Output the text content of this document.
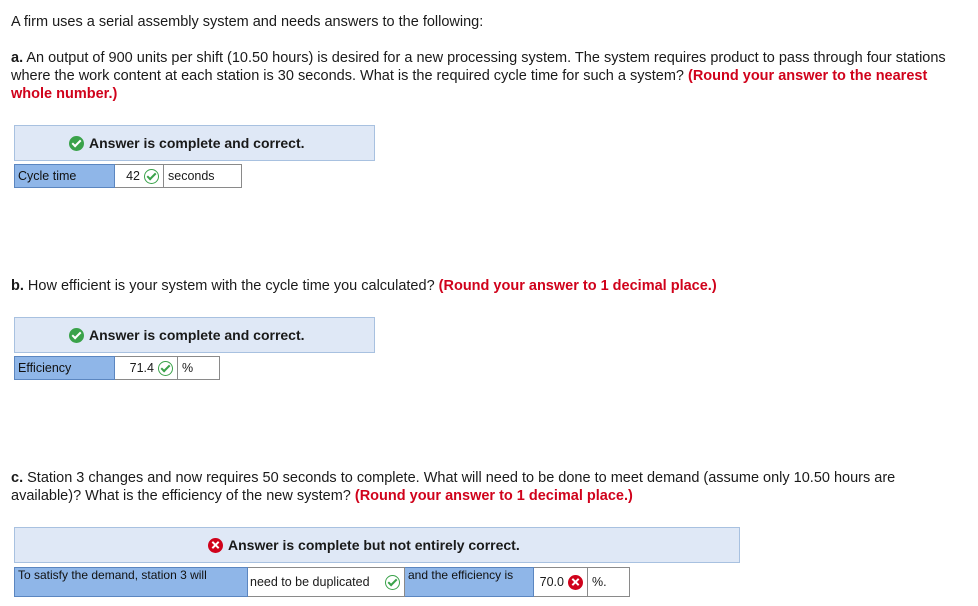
A firm uses a serial assembly system and needs answers to the following:

a. An output of 900 units per shift (10.50 hours) is desired for a new processing system. The system requires product to pass through four stations where the work content at each station is 30 seconds. What is the required cycle time for such a system? (Round your answer to the nearest whole number.)

Answer is complete and correct.
Cycle time	42	seconds

b. How efficient is your system with the cycle time you calculated? (Round your answer to 1 decimal place.)

Answer is complete and correct.
Efficiency	71.4	%

c. Station 3 changes and now requires 50 seconds to complete. What will need to be done to meet demand (assume only 10.50 hours are available)? What is the efficiency of the new system? (Round your answer to 1 decimal place.)

Answer is complete but not entirely correct.
To satisfy the demand, station 3 will	need to be duplicated	and the efficiency is	70.0	%.
